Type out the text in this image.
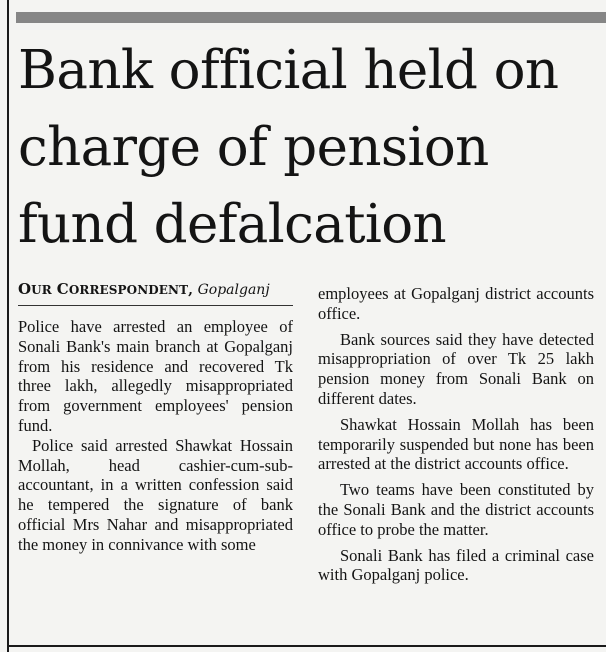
Bank official held on
charge of pension
fund defalcation
OUR CORRESPONDENT, Gopalganj

Police have arrested an employee of Sonali Bank's main branch at Gopalganj from his residence and recovered Tk three lakh, allegedly misappropriated from government employees' pension fund.

Police said arrested Shawkat Hossain Mollah, head cashier-cum-sub-accountant, in a written confession said he tempered the signature of bank official Mrs Nahar and misappropriated the money in connivance with some

employees at Gopalganj district accounts office.

Bank sources said they have detected misappropriation of over Tk 25 lakh pension money from Sonali Bank on different dates.

Shawkat Hossain Mollah has been temporarily suspended but none has been arrested at the district accounts office.

Two teams have been constituted by the Sonali Bank and the district accounts office to probe the matter.

Sonali Bank has filed a criminal case with Gopalganj police.
